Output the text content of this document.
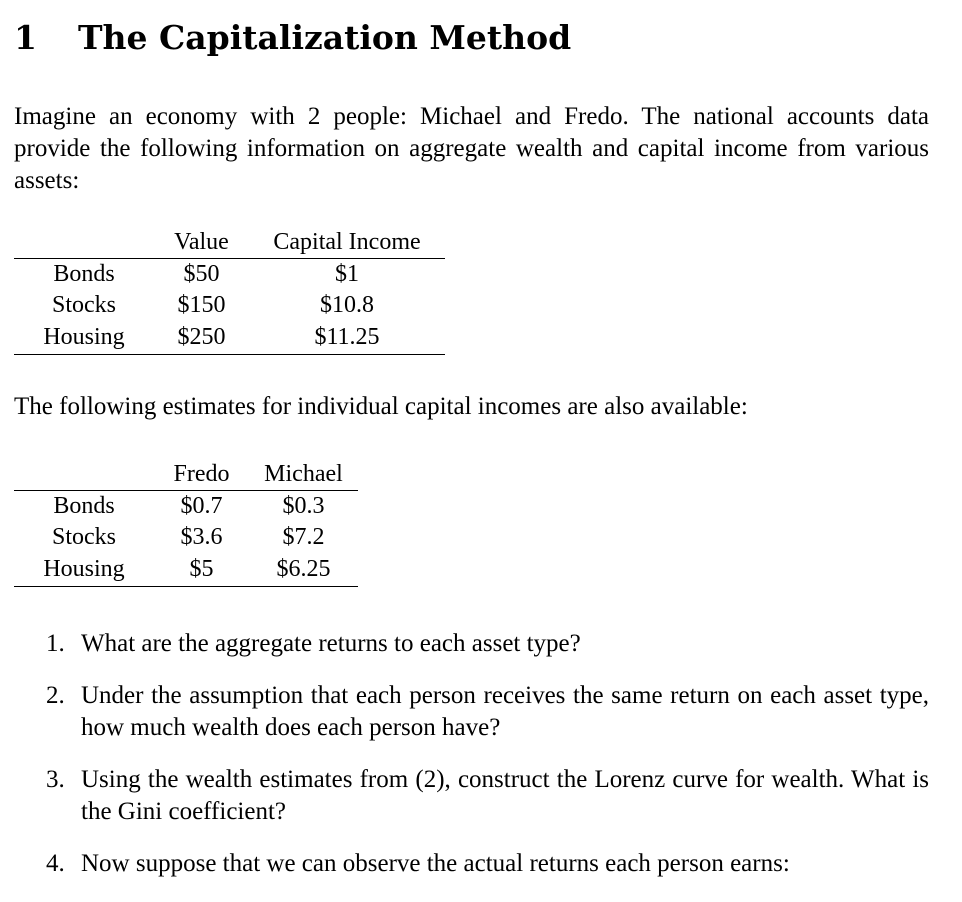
1 The Capitalization Method

Imagine an economy with 2 people: Michael and Fredo. The national accounts data provide the following information on aggregate wealth and capital income from various assets:

	Value	Capital Income
Bonds	$50	$1
Stocks	$150	$10.8
Housing	$250	$11.25

The following estimates for individual capital incomes are also available:

	Fredo	Michael
Bonds	$0.7	$0.3
Stocks	$3.6	$7.2
Housing	$5	$6.25
1. What are the aggregate returns to each asset type?
2. Under the assumption that each person receives the same return on each asset type, how much wealth does each person have?
3. Using the wealth estimates from (2), construct the Lorenz curve for wealth. What is the Gini coefficient?
4. Now suppose that we can observe the actual returns each person earns:
